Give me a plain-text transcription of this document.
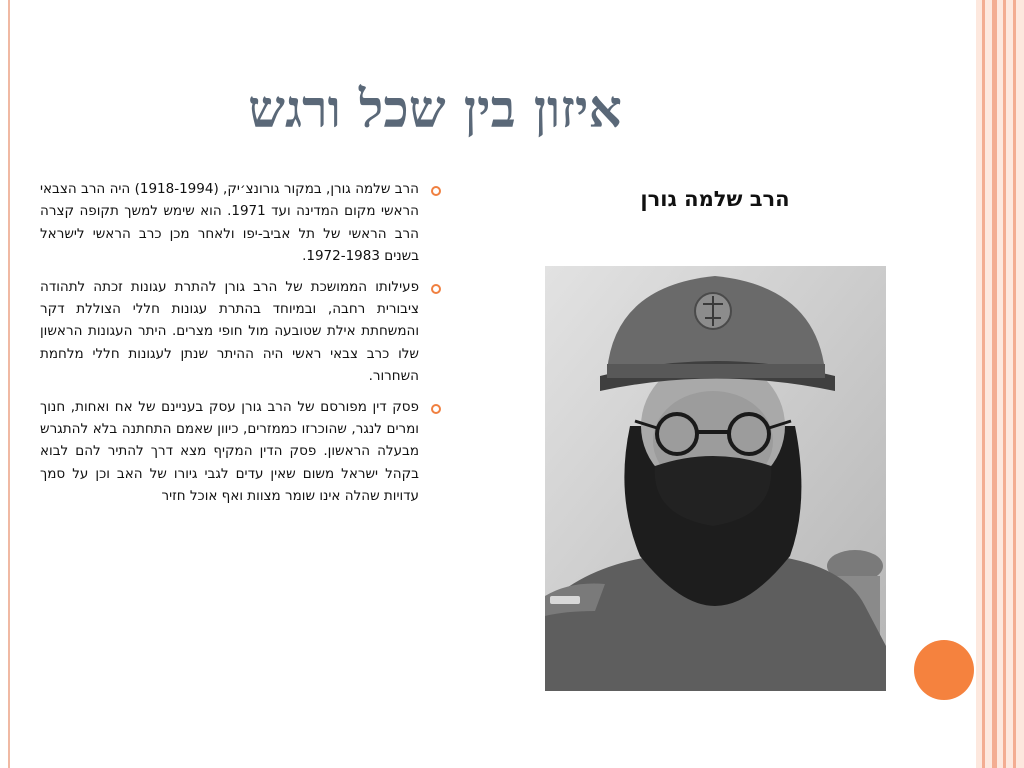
איזון בין שכל ורגש
הרב שלמה גורן, במקור גורונצ׳יק, (1918-1994) היה הרב הצבאי הראשי מקום המדינה ועד 1971. הוא שימש למשך תקופה קצרה הרב הראשי של תל אביב-יפו ולאחר מכן כרב הראשי לישראל בשנים 1972-1983.
פעילותו הממושכת של הרב גורן להתרת עגונות זכתה לתהודה ציבורית רחבה, ובמיוחד בהתרת עגונות חללי הצוללת דקר והמשחתת אילת שטובעה מול חופי מצרים. היתר העגונות הראשון שלו כרב צבאי ראשי היה ההיתר שנתן לעגונות חללי מלחמת השחרור.
פסק דין מפורסם של הרב גורן עסק בעניינם של אח ואחות, חנוך ומרים לנגר, שהוכרזו כממזרים, כיוון שאמם התחתנה בלא להתגרש מבעלה הראשון. פסק הדין המקיף מצא דרך להתיר להם לבוא בקהל ישראל משום שאין עדים לגבי גיורו של האב וכן על סמך עדויות שהלה אינו שומר מצוות ואף אוכל חזיר
הרב שלמה גורן
